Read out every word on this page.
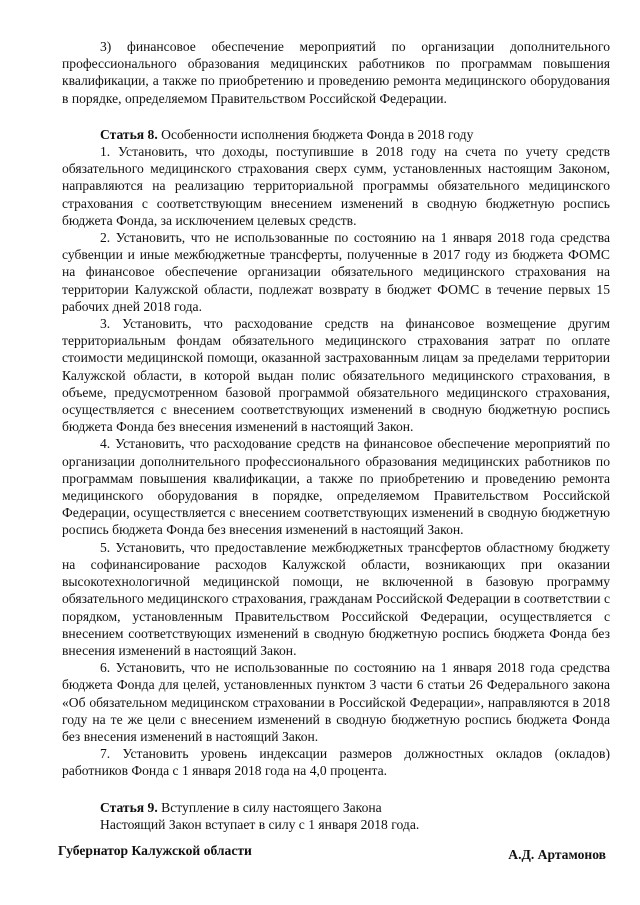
3) финансовое обеспечение мероприятий по организации дополнительного профессионального образования медицинских работников по программам повышения квалификации, а также по приобретению и проведению ремонта медицинского оборудования в порядке, определяемом Правительством Российской Федерации.

Статья 8. Особенности исполнения бюджета Фонда в 2018 году

1. Установить, что доходы, поступившие в 2018 году на счета по учету средств обязательного медицинского страхования сверх сумм, установленных настоящим Законом, направляются на реализацию территориальной программы обязательного медицинского страхования с соответствующим внесением изменений в сводную бюджетную роспись бюджета Фонда, за исключением целевых средств.

2. Установить, что не использованные по состоянию на 1 января 2018 года средства субвенции и иные межбюджетные трансферты, полученные в 2017 году из бюджета ФОМС на финансовое обеспечение организации обязательного медицинского страхования на территории Калужской области, подлежат возврату в бюджет ФОМС в течение первых 15 рабочих дней 2018 года.

3. Установить, что расходование средств на финансовое возмещение другим территориальным фондам обязательного медицинского страхования затрат по оплате стоимости медицинской помощи, оказанной застрахованным лицам за пределами территории Калужской области, в которой выдан полис обязательного медицинского страхования, в объеме, предусмотренном базовой программой обязательного медицинского страхования, осуществляется с внесением соответствующих изменений в сводную бюджетную роспись бюджета Фонда без внесения изменений в настоящий Закон.

4. Установить, что расходование средств на финансовое обеспечение мероприятий по организации дополнительного профессионального образования медицинских работников по программам повышения квалификации, а также по приобретению и проведению ремонта медицинского оборудования в порядке, определяемом Правительством Российской Федерации, осуществляется с внесением соответствующих изменений в сводную бюджетную роспись бюджета Фонда без внесения изменений в настоящий Закон.

5. Установить, что предоставление межбюджетных трансфертов областному бюджету на софинансирование расходов Калужской области, возникающих при оказании высокотехнологичной медицинской помощи, не включенной в базовую программу обязательного медицинского страхования, гражданам Российской Федерации в соответствии с порядком, установленным Правительством Российской Федерации, осуществляется с внесением соответствующих изменений в сводную бюджетную роспись бюджета Фонда без внесения изменений в настоящий Закон.

6. Установить, что не использованные по состоянию на 1 января 2018 года средства бюджета Фонда для целей, установленных пунктом 3 части 6 статьи 26 Федерального закона «Об обязательном медицинском страховании в Российской Федерации», направляются в 2018 году на те же цели с внесением изменений в сводную бюджетную роспись бюджета Фонда без внесения изменений в настоящий Закон.

7. Установить уровень индексации размеров должностных окладов (окладов) работников Фонда с 1 января 2018 года на 4,0 процента.

Статья 9. Вступление в силу настоящего Закона

Настоящий Закон вступает в силу с 1 января 2018 года.

Губернатор Калужской области	А.Д. Артамонов
